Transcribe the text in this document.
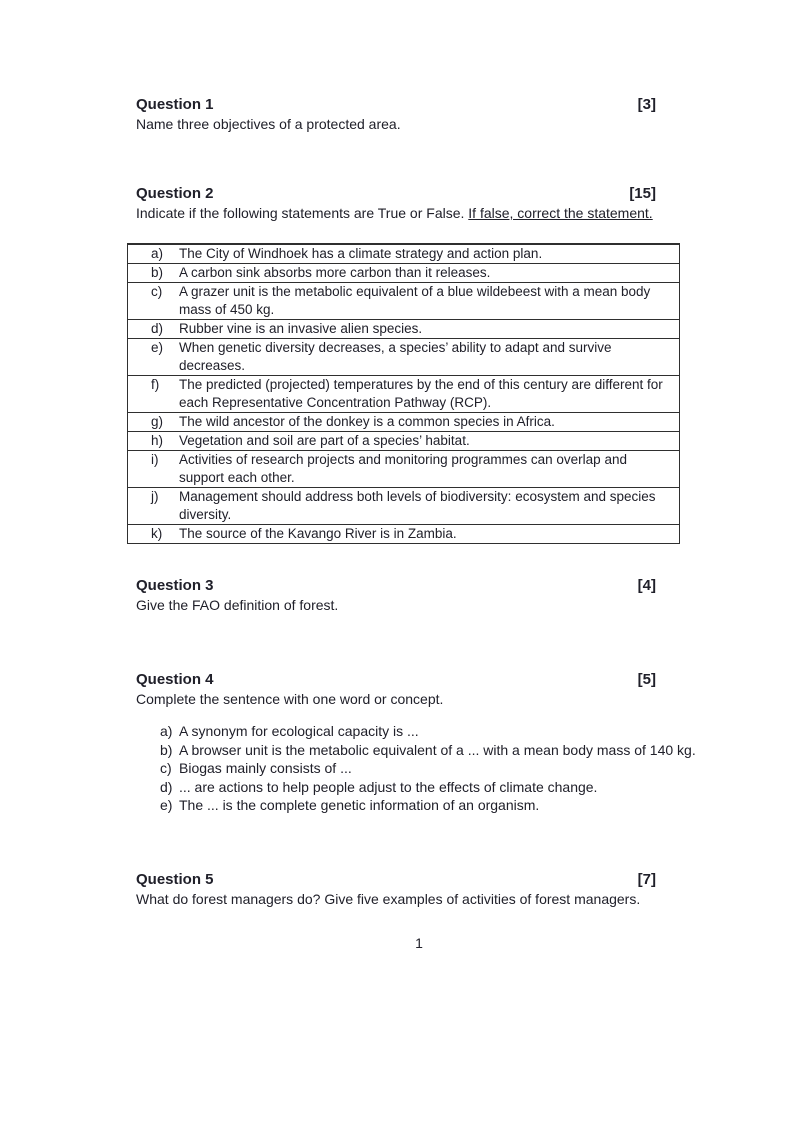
Question 1	[3]
Name three objectives of a protected area.
Question 2	[15]
Indicate if the following statements are True or False. If false, correct the statement.
a)	The City of Windhoek has a climate strategy and action plan.
b)	A carbon sink absorbs more carbon than it releases.
c)	A grazer unit is the metabolic equivalent of a blue wildebeest with a mean body mass of 450 kg.
d)	Rubber vine is an invasive alien species.
e)	When genetic diversity decreases, a species’ ability to adapt and survive decreases.
f)	The predicted (projected) temperatures by the end of this century are different for each Representative Concentration Pathway (RCP).
g)	The wild ancestor of the donkey is a common species in Africa.
h)	Vegetation and soil are part of a species’ habitat.
i)	Activities of research projects and monitoring programmes can overlap and support each other.
j)	Management should address both levels of biodiversity: ecosystem and species diversity.
k)	The source of the Kavango River is in Zambia.
Question 3	[4]
Give the FAO definition of forest.
Question 4	[5]
Complete the sentence with one word or concept.
a) A synonym for ecological capacity is ...
b) A browser unit is the metabolic equivalent of a ... with a mean body mass of 140 kg.
c) Biogas mainly consists of ...
d) ... are actions to help people adjust to the effects of climate change.
e) The ... is the complete genetic information of an organism.
Question 5	[7]
What do forest managers do? Give five examples of activities of forest managers.
1
